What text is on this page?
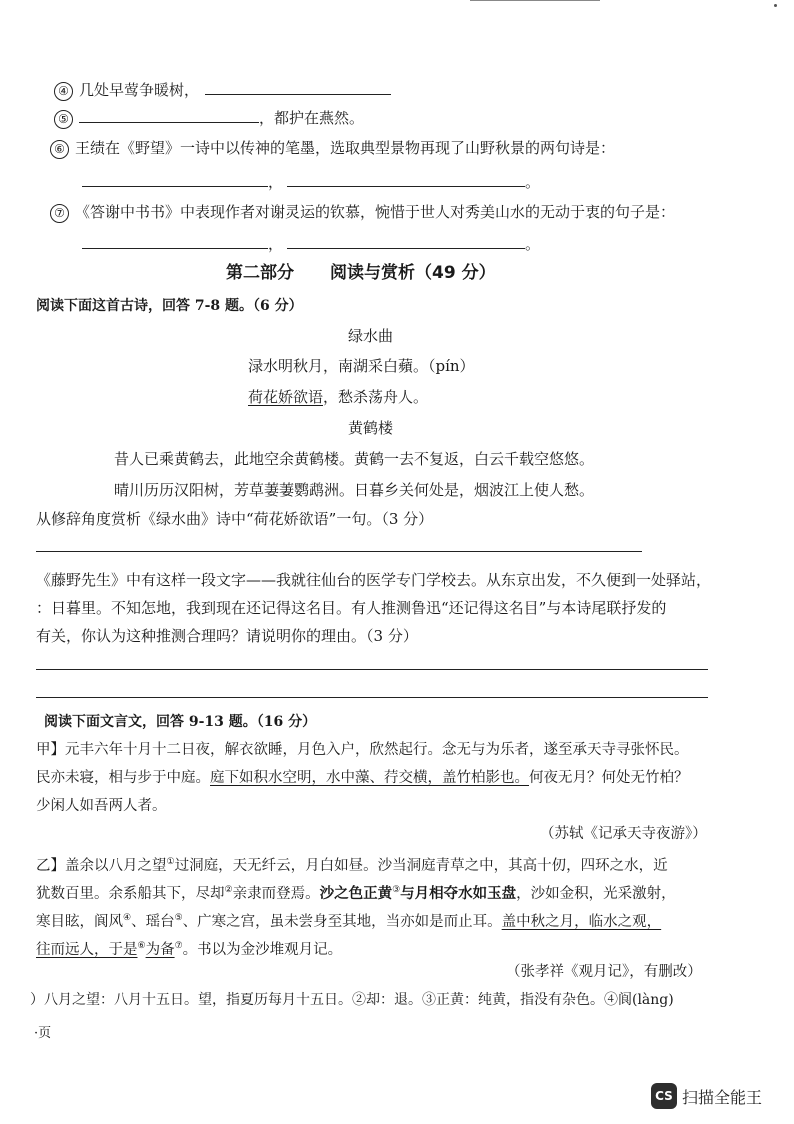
④ 几处早莺争暖树，
⑤	，都护在燕然。
⑥ 王绩在《野望》一诗中以传神的笔墨，选取典型景物再现了山野秋景的两句诗是：
，	。
⑦ 《答谢中书书》中表现作者对谢灵运的钦慕，惋惜于世人对秀美山水的无动于衷的句子是：
，	。
第二部分 阅读与赏析（49 分）
阅读下面这首古诗，回答 7-8 题。（6 分）
绿水曲
渌水明秋月，南湖采白蘋。（pín）
荷花娇欲语，愁杀荡舟人。
黄鹤楼
昔人已乘黄鹤去，此地空余黄鹤楼。黄鹤一去不复返，白云千载空悠悠。
晴川历历汉阳树，芳草萋萋鹦鹉洲。日暮乡关何处是，烟波江上使人愁。
从修辞角度赏析《绿水曲》诗中“荷花娇欲语”一句。（3 分）
《藤野先生》中有这样一段文字——我就往仙台的医学专门学校去。从东京出发，不久便到一处驿站，
：日暮里。不知怎地，我到现在还记得这名目。有人推测鲁迅“还记得这名目”与本诗尾联抒发的
有关，你认为这种推测合理吗？请说明你的理由。（3 分）
阅读下面文言文，回答 9-13 题。（16 分）
甲】元丰六年十月十二日夜，解衣欲睡，月色入户，欣然起行。念无与为乐者，遂至承天寺寻张怀民。
民亦未寝，相与步于中庭。庭下如积水空明，水中藻、荇交横，盖竹柏影也。何夜无月？何处无竹柏？
少闲人如吾两人者。
（苏轼《记承天寺夜游》）
乙】盖余以八月之望①过洞庭，天无纤云，月白如昼。沙当洞庭青草之中，其高十仞，四环之水，近
犹数百里。余系船其下，尽却②亲隶而登焉。沙之色正黄③与月相夺水如玉盘，沙如金积，光采激射，
寒目眩，阆风④、瑶台⑤、广寒之宫，虽未尝身至其地，当亦如是而止耳。盖中秋之月，临水之观，
往而远人，于是⑥为备⑦。书以为金沙堆观月记。
（张孝祥《观月记》，有删改）
）八月之望：八月十五日。望，指夏历每月十五日。②却：退。③正黄：纯黄，指没有杂色。④阆(làng)
·页
CS 扫描全能王
